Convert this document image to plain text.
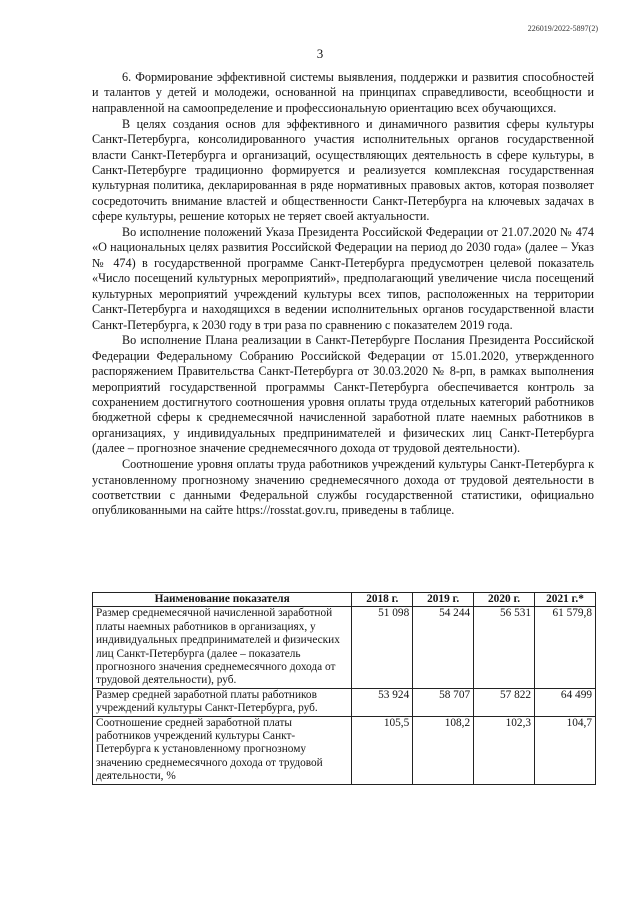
226019/2022-5897(2)
3

6. Формирование эффективной системы выявления, поддержки и развития способностей и талантов у детей и молодежи, основанной на принципах справедливости, всеобщности и направленной на самоопределение и профессиональную ориентацию всех обучающихся.

В целях создания основ для эффективного и динамичного развития сферы культуры Санкт-Петербурга, консолидированного участия исполнительных органов государственной власти Санкт-Петербурга и организаций, осуществляющих деятельность в сфере культуры, в Санкт-Петербурге традиционно формируется и реализуется комплексная государственная культурная политика, декларированная в ряде нормативных правовых актов, которая позволяет сосредоточить внимание властей и общественности Санкт-Петербурга на ключевых задачах в сфере культуры, решение которых не теряет своей актуальности.

Во исполнение положений Указа Президента Российской Федерации от 21.07.2020 № 474 «О национальных целях развития Российской Федерации на период до 2030 года» (далее – Указ № 474) в государственной программе Санкт-Петербурга предусмотрен целевой показатель «Число посещений культурных мероприятий», предполагающий увеличение числа посещений культурных мероприятий учреждений культуры всех типов, расположенных на территории Санкт-Петербурга и находящихся в ведении исполнительных органов государственной власти Санкт-Петербурга, к 2030 году в три раза по сравнению с показателем 2019 года.

Во исполнение Плана реализации в Санкт-Петербурге Послания Президента Российской Федерации Федеральному Собранию Российской Федерации от 15.01.2020, утвержденного распоряжением Правительства Санкт-Петербурга от 30.03.2020 № 8-рп, в рамках выполнения мероприятий государственной программы Санкт-Петербурга обеспечивается контроль за сохранением достигнутого соотношения уровня оплаты труда отдельных категорий работников бюджетной сферы к среднемесячной начисленной заработной плате наемных работников в организациях, у индивидуальных предпринимателей и физических лиц Санкт-Петербурга (далее – прогнозное значение среднемесячного дохода от трудовой деятельности).

Соотношение уровня оплаты труда работников учреждений культуры Санкт-Петербурга к установленному прогнозному значению среднемесячного дохода от трудовой деятельности в соответствии с данными Федеральной службы государственной статистики, официально опубликованными на сайте https://rosstat.gov.ru, приведены в таблице.

Наименование показателя	2018 г.	2019 г.	2020 г.	2021 г.*
Размер среднемесячной начисленной заработной платы наемных работников в организациях, у индивидуальных предпринимателей и физических лиц Санкт-Петербурга (далее – показатель прогнозного значения среднемесячного дохода от трудовой деятельности), руб.	51 098	54 244	56 531	61 579,8
Размер средней заработной платы работников учреждений культуры Санкт-Петербурга, руб.	53 924	58 707	57 822	64 499
Соотношение средней заработной платы работников учреждений культуры Санкт-Петербурга к установленному прогнозному значению среднемесячного дохода от трудовой деятельности, %	105,5	108,2	102,3	104,7
